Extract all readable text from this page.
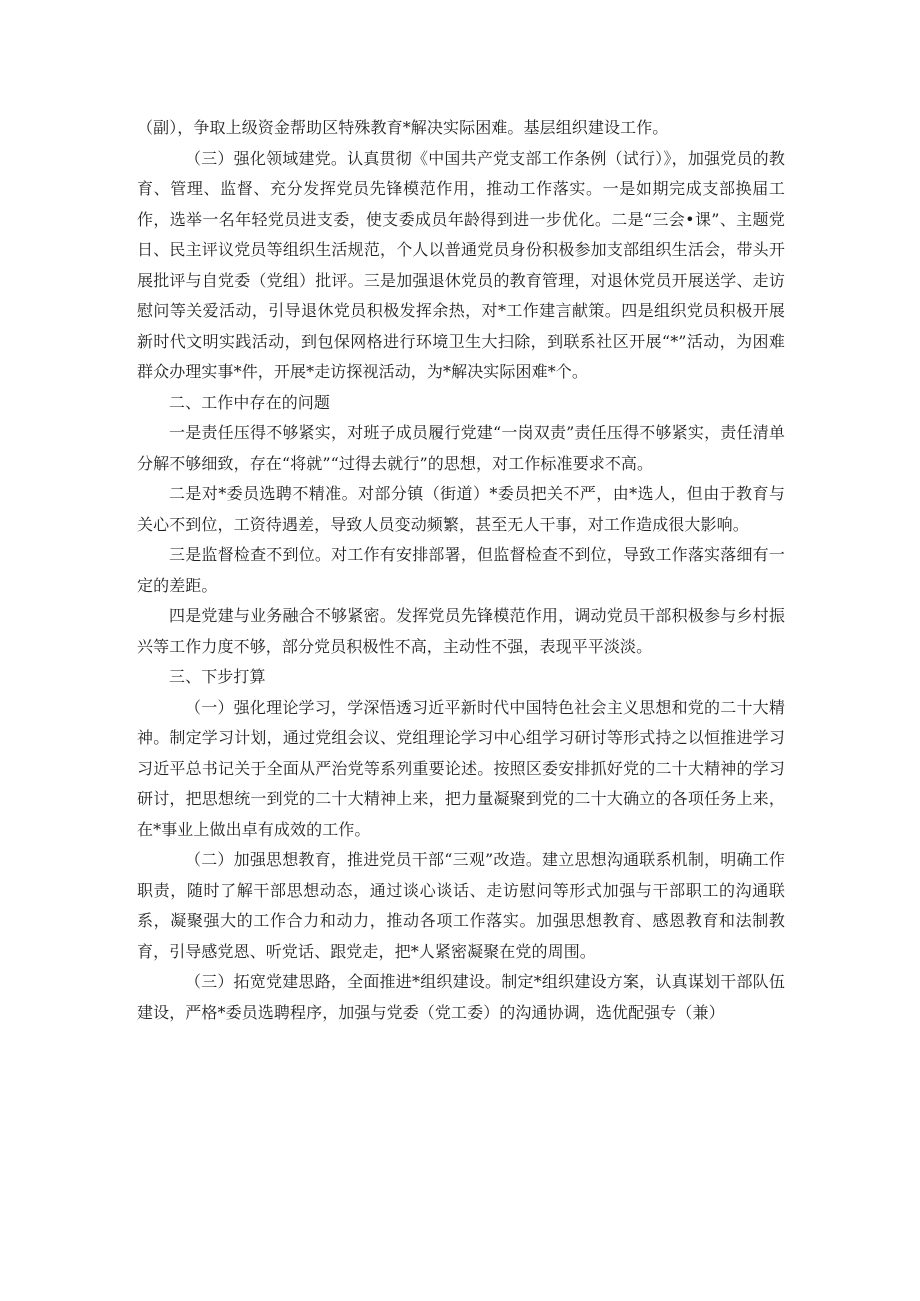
（副），争取上级资金帮助区特殊教育*解决实际困难。基层组织建设工作。

（三）强化领域建党。认真贯彻《中国共产党支部工作条例（试行）》，加强党员的教育、管理、监督、充分发挥党员先锋模范作用，推动工作落实。一是如期完成支部换届工作，选举一名年轻党员进支委，使支委成员年龄得到进一步优化。二是“三会•课”、主题党日、民主评议党员等组织生活规范，个人以普通党员身份积极参加支部组织生活会，带头开展批评与自党委（党组）批评。三是加强退休党员的教育管理，对退休党员开展送学、走访慰问等关爱活动，引导退休党员积极发挥余热，对*工作建言献策。四是组织党员积极开展新时代文明实践活动，到包保网格进行环境卫生大扫除，到联系社区开展“*”活动，为困难群众办理实事*件，开展*走访探视活动，为*解决实际困难*个。

二、工作中存在的问题

一是责任压得不够紧实，对班子成员履行党建“一岗双责”责任压得不够紧实，责任清单分解不够细致，存在“将就”“过得去就行”的思想，对工作标准要求不高。

二是对*委员选聘不精准。对部分镇（街道）*委员把关不严，由*选人，但由于教育与关心不到位，工资待遇差，导致人员变动频繁，甚至无人干事，对工作造成很大影响。

三是监督检查不到位。对工作有安排部署，但监督检查不到位，导致工作落实落细有一定的差距。

四是党建与业务融合不够紧密。发挥党员先锋模范作用，调动党员干部积极参与乡村振兴等工作力度不够，部分党员积极性不高，主动性不强，表现平平淡淡。

三、下步打算

（一）强化理论学习，学深悟透习近平新时代中国特色社会主义思想和党的二十大精神。制定学习计划，通过党组会议、党组理论学习中心组学习研讨等形式持之以恒推进学习习近平总书记关于全面从严治党等系列重要论述。按照区委安排抓好党的二十大精神的学习研讨，把思想统一到党的二十大精神上来，把力量凝聚到党的二十大确立的各项任务上来，在*事业上做出卓有成效的工作。

（二）加强思想教育，推进党员干部“三观”改造。建立思想沟通联系机制，明确工作职责，随时了解干部思想动态，通过谈心谈话、走访慰问等形式加强与干部职工的沟通联系，凝聚强大的工作合力和动力，推动各项工作落实。加强思想教育、感恩教育和法制教育，引导感党恩、听党话、跟党走，把*人紧密凝聚在党的周围。

（三）拓宽党建思路，全面推进*组织建设。制定*组织建设方案，认真谋划干部队伍建设，严格*委员选聘程序，加强与党委（党工委）的沟通协调，选优配强专（兼）
